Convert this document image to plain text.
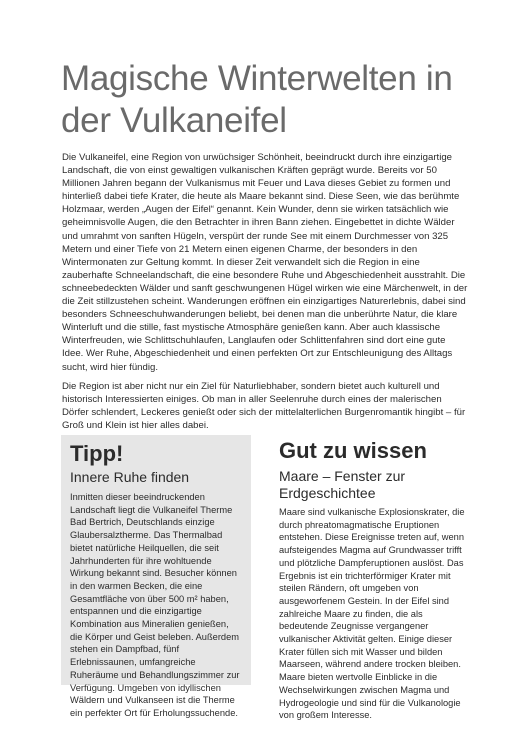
Magische Winterwelten in der Vulkaneifel

Die Vulkaneifel, eine Region von urwüchsiger Schönheit, beeindruckt durch ihre einzigartige Landschaft, die von einst gewaltigen vulkanischen Kräften geprägt wurde. Bereits vor 50 Millionen Jahren begann der Vulkanismus mit Feuer und Lava dieses Gebiet zu formen und hinterließ dabei tiefe Krater, die heute als Maare bekannt sind. Diese Seen, wie das berühmte Holzmaar, werden „Augen der Eifel“ genannt. Kein Wunder, denn sie wirken tatsächlich wie geheimnisvolle Augen, die den Betrachter in ihren Bann ziehen. Eingebettet in dichte Wälder und umrahmt von sanften Hügeln, verspürt der runde See mit einem Durchmesser von 325 Metern und einer Tiefe von 21 Metern einen eigenen Charme, der besonders in den Wintermonaten zur Geltung kommt. In dieser Zeit verwandelt sich die Region in eine zauberhafte Schneelandschaft, die eine besondere Ruhe und Abgeschiedenheit ausstrahlt. Die schneebedeckten Wälder und sanft geschwungenen Hügel wirken wie eine Märchenwelt, in der die Zeit stillzustehen scheint. Wanderungen eröffnen ein einzigartiges Naturerlebnis, dabei sind besonders Schneeschuhwanderungen beliebt, bei denen man die unberührte Natur, die klare Winterluft und die stille, fast mystische Atmosphäre genießen kann. Aber auch klassische Winterfreuden, wie Schlittschuhlaufen, Langlaufen oder Schlittenfahren sind dort eine gute Idee. Wer Ruhe, Abgeschiedenheit und einen perfekten Ort zur Entschleunigung des Alltags sucht, wird hier fündig.

Die Region ist aber nicht nur ein Ziel für Naturliebhaber, sondern bietet auch kulturell und historisch Interessierten einiges. Ob man in aller Seelenruhe durch eines der malerischen Dörfer schlendert, Leckeres genießt oder sich der mittelalterlichen Burgenromantik hingibt – für Groß und Klein ist hier alles dabei.

Tipp!
Innere Ruhe finden

Inmitten dieser beeindruckenden Landschaft liegt die Vulkaneifel Therme Bad Bertrich, Deutschlands einzige Glaubersalztherme. Das Thermalbad bietet natürliche Heilquellen, die seit Jahrhunderten für ihre wohltuende Wirkung bekannt sind. Besucher können in den warmen Becken, die eine Gesamtfläche von über 500 m² haben, entspannen und die einzigartige Kombination aus Mineralien genießen, die Körper und Geist beleben. Außerdem stehen ein Dampfbad, fünf Erlebnissaunen, umfangreiche Ruheräume und Behandlungszimmer zur Verfügung. Umgeben von idyllischen Wäldern und Vulkanseen ist die Therme ein perfekter Ort für Erholungssuchende.

Gut zu wissen
Maare – Fenster zur Erdgeschichtee

Maare sind vulkanische Explosionskrater, die durch phreatomagmatische Eruptionen entstehen. Diese Ereignisse treten auf, wenn aufsteigendes Magma auf Grundwasser trifft und plötzliche Dampferuptionen auslöst. Das Ergebnis ist ein trichterförmiger Krater mit steilen Rändern, oft umgeben von ausgeworfenem Gestein. In der Eifel sind zahlreiche Maare zu finden, die als bedeutende Zeugnisse vergangener vulkanischer Aktivität gelten. Einige dieser Krater füllen sich mit Wasser und bilden Maarseen, während andere trocken bleiben. Maare bieten wertvolle Einblicke in die Wechselwirkungen zwischen Magma und Hydrogeologie und sind für die Vulkanologie von großem Interesse.
